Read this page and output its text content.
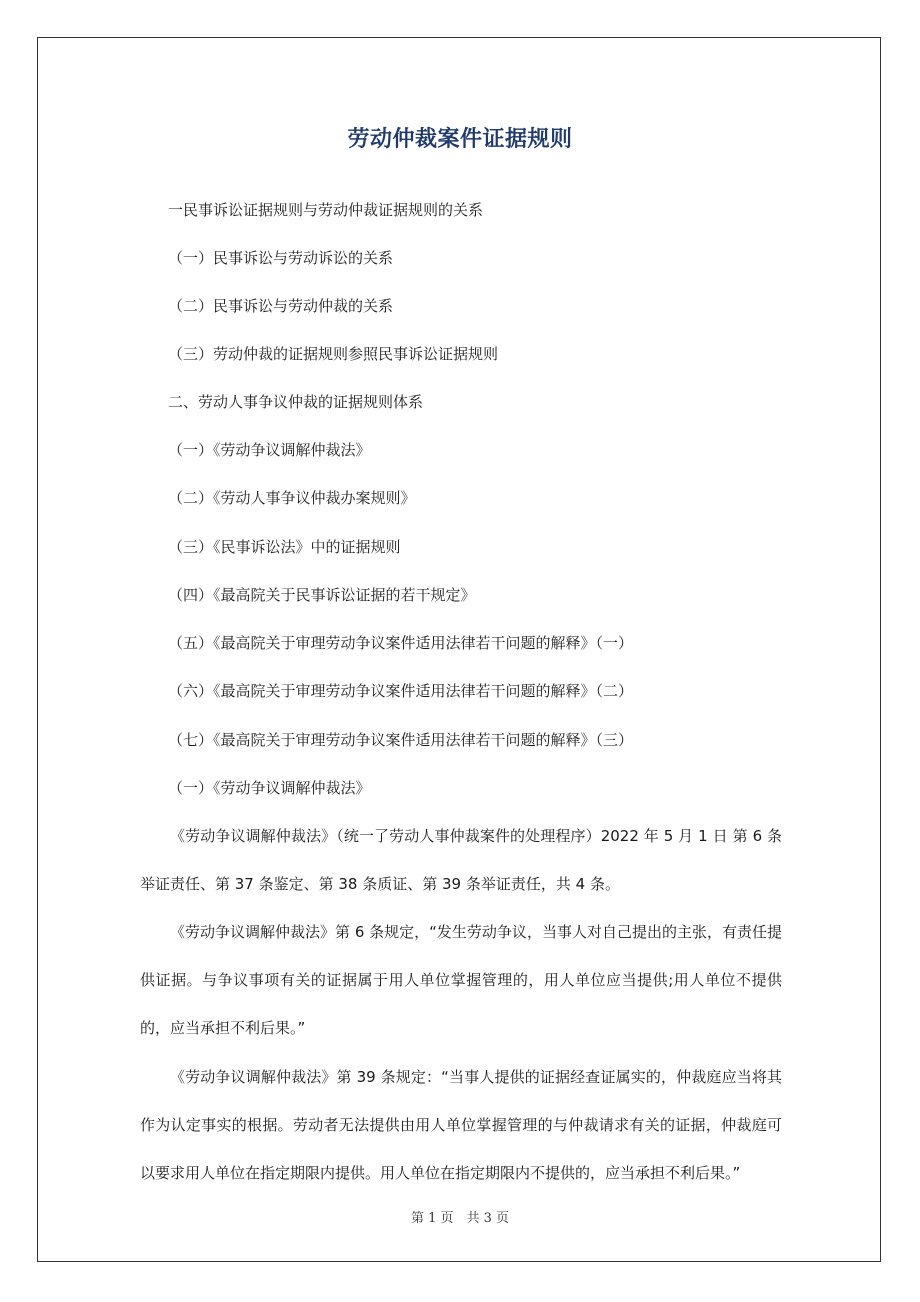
劳动仲裁案件证据规则
一民事诉讼证据规则与劳动仲裁证据规则的关系
（一）民事诉讼与劳动诉讼的关系
（二）民事诉讼与劳动仲裁的关系
（三）劳动仲裁的证据规则参照民事诉讼证据规则
二、劳动人事争议仲裁的证据规则体系
（一）《劳动争议调解仲裁法》
（二）《劳动人事争议仲裁办案规则》
（三）《民事诉讼法》中的证据规则
（四）《最高院关于民事诉讼证据的若干规定》
（五）《最高院关于审理劳动争议案件适用法律若干问题的解释》（一）
（六）《最高院关于审理劳动争议案件适用法律若干问题的解释》（二）
（七）《最高院关于审理劳动争议案件适用法律若干问题的解释》（三）
（一）《劳动争议调解仲裁法》
《劳动争议调解仲裁法》（统一了劳动人事仲裁案件的处理程序）2022 年 5 月 1 日 第 6 条举证责任、第 37 条鉴定、第 38 条质证、第 39 条举证责任，共 4 条。
《劳动争议调解仲裁法》第 6 条规定，“发生劳动争议，当事人对自己提出的主张，有责任提供证据。与争议事项有关的证据属于用人单位掌握管理的，用人单位应当提供;用人单位不提供的，应当承担不利后果。”
《劳动争议调解仲裁法》第 39 条规定：“当事人提供的证据经查证属实的，仲裁庭应当将其作为认定事实的根据。劳动者无法提供由用人单位掌握管理的与仲裁请求有关的证据，仲裁庭可以要求用人单位在指定期限内提供。用人单位在指定期限内不提供的，应当承担不利后果。”
第 1 页　共 3 页
